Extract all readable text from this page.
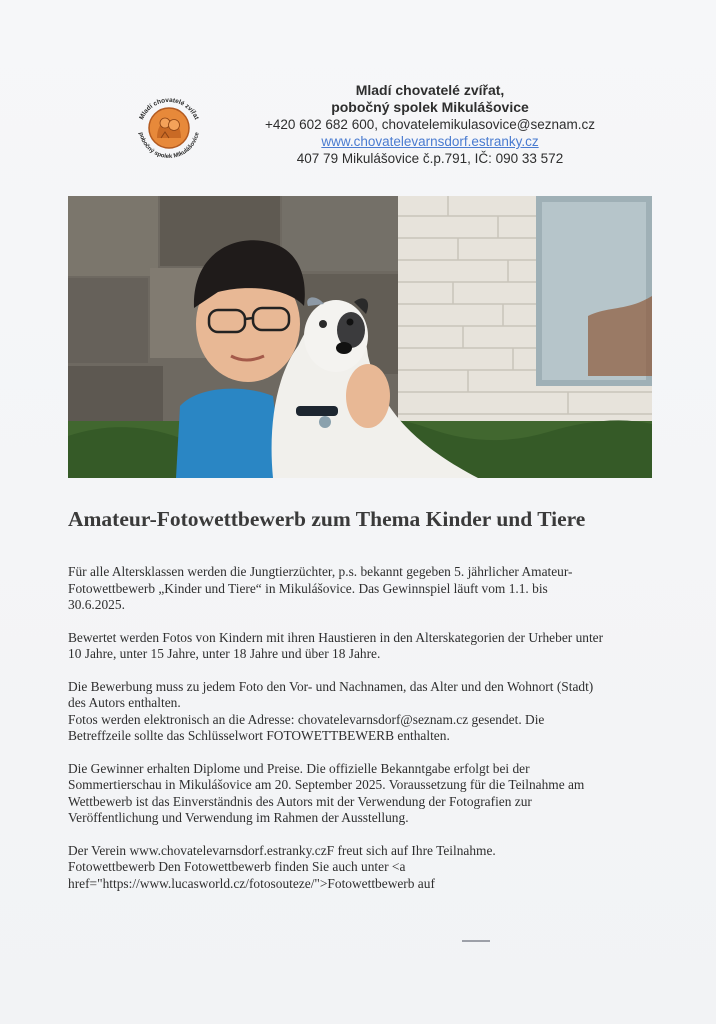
Mladí chovatelé zvířat
pobočný spolek Mikulášovice
Mladí chovatelé zvířat,
pobočný spolek Mikulášovice
+420 602 682 600, chovatelemikulasovice@seznam.cz
www.chovatelevarnsdorf.estranky.cz
407 79 Mikulášovice č.p.791, IČ: 090 33 572
Amateur-Fotowettbewerb zum Thema Kinder und Tiere

Für alle Altersklassen werden die Jungtierzüchter, p.s. bekannt gegeben 5. jährlicher Amateur-
Fotowettbewerb „Kinder und Tiere“ in Mikulášovice. Das Gewinnspiel läuft vom 1.1. bis
30.6.2025.

Bewertet werden Fotos von Kindern mit ihren Haustieren in den Alterskategorien der Urheber unter
10 Jahre, unter 15 Jahre, unter 18 Jahre und über 18 Jahre.

Die Bewerbung muss zu jedem Foto den Vor- und Nachnamen, das Alter und den Wohnort (Stadt)
des Autors enthalten.
Fotos werden elektronisch an die Adresse: chovatelevarnsdorf@seznam.cz gesendet. Die
Betreffzeile sollte das Schlüsselwort FOTOWETTBEWERB enthalten.

Die Gewinner erhalten Diplome und Preise. Die offizielle Bekanntgabe erfolgt bei der
Sommertierschau in Mikulášovice am 20. September 2025. Voraussetzung für die Teilnahme am
Wettbewerb ist das Einverständnis des Autors mit der Verwendung der Fotografien zur
Veröffentlichung und Verwendung im Rahmen der Ausstellung.

Der Verein www.chovatelevarnsdorf.estranky.czF freut sich auf Ihre Teilnahme.
Fotowettbewerb Den Fotowettbewerb finden Sie auch unter <a
href="https://www.lucasworld.cz/fotosouteze/">Fotowettbewerb auf
